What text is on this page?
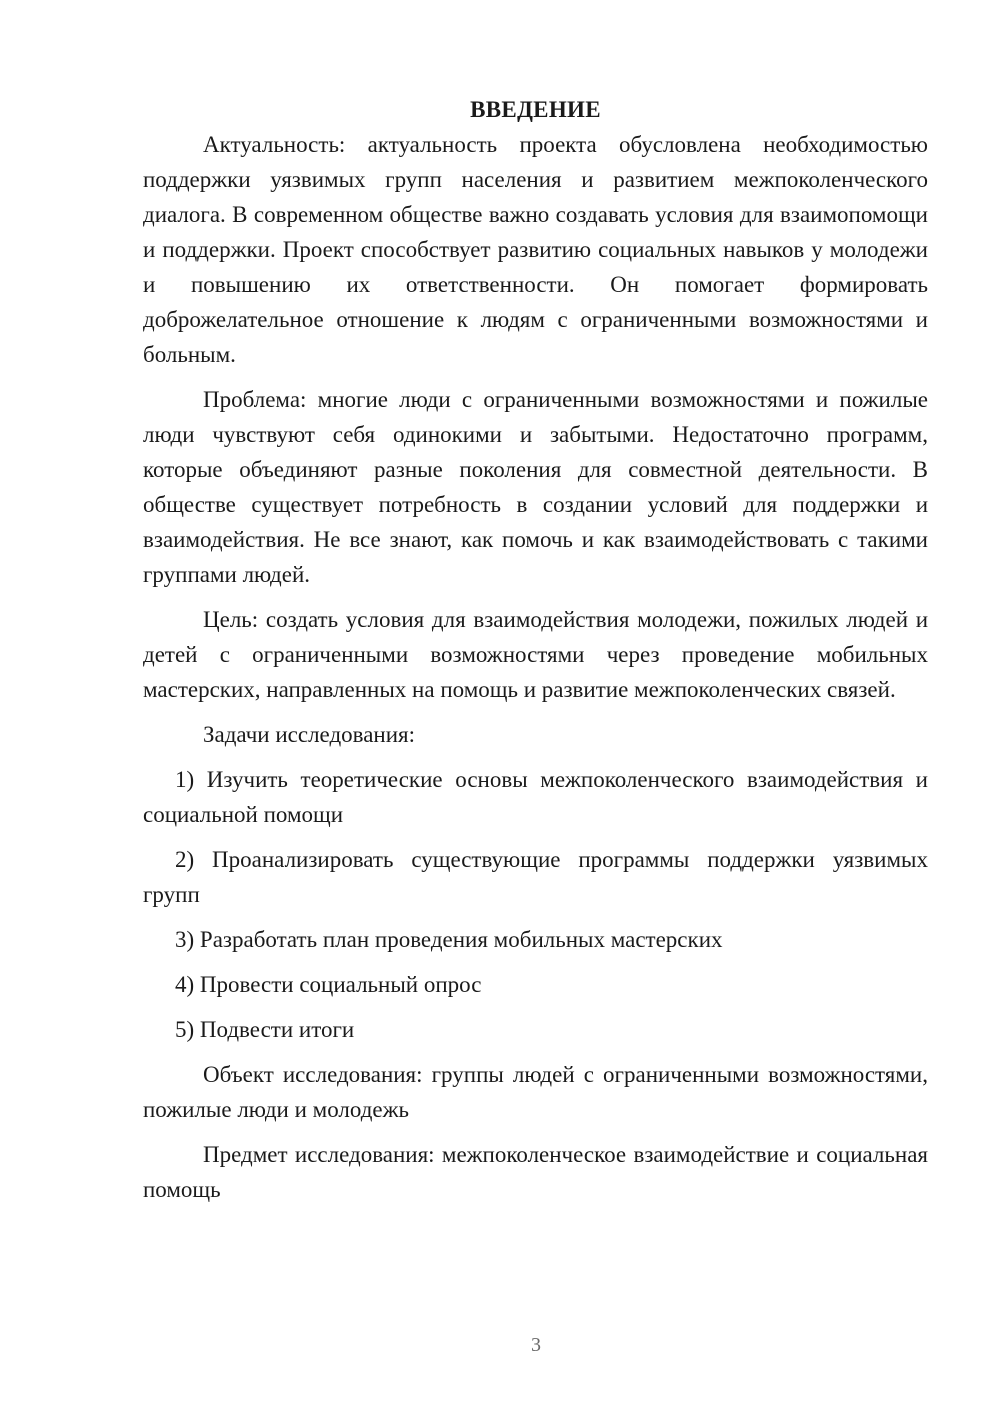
ВВЕДЕНИЕ

Актуальность: актуальность проекта обусловлена необходимостью поддержки уязвимых групп населения и развитием межпоколенческого диалога. В современном обществе важно создавать условия для взаимопомощи и поддержки. Проект способствует развитию социальных навыков у молодежи и повышению их ответственности. Он помогает формировать доброжелательное отношение к людям с ограниченными возможностями и больным.

Проблема: многие люди с ограниченными возможностями и пожилые люди чувствуют себя одинокими и забытыми. Недостаточно программ, которые объединяют разные поколения для совместной деятельности. В обществе существует потребность в создании условий для поддержки и взаимодействия. Не все знают, как помочь и как взаимодействовать с такими группами людей.

Цель: создать условия для взаимодействия молодежи, пожилых людей и детей с ограниченными возможностями через проведение мобильных мастерских, направленных на помощь и развитие межпоколенческих связей.

Задачи исследования:

1) Изучить теоретические основы межпоколенческого взаимодействия и социальной помощи

2) Проанализировать существующие программы поддержки уязвимых групп

3) Разработать план проведения мобильных мастерских

4) Провести социальный опрос

5) Подвести итоги

Объект исследования: группы людей с ограниченными возможностями, пожилые люди и молодежь

Предмет исследования: межпоколенческое взаимодействие и социальная помощь

3
